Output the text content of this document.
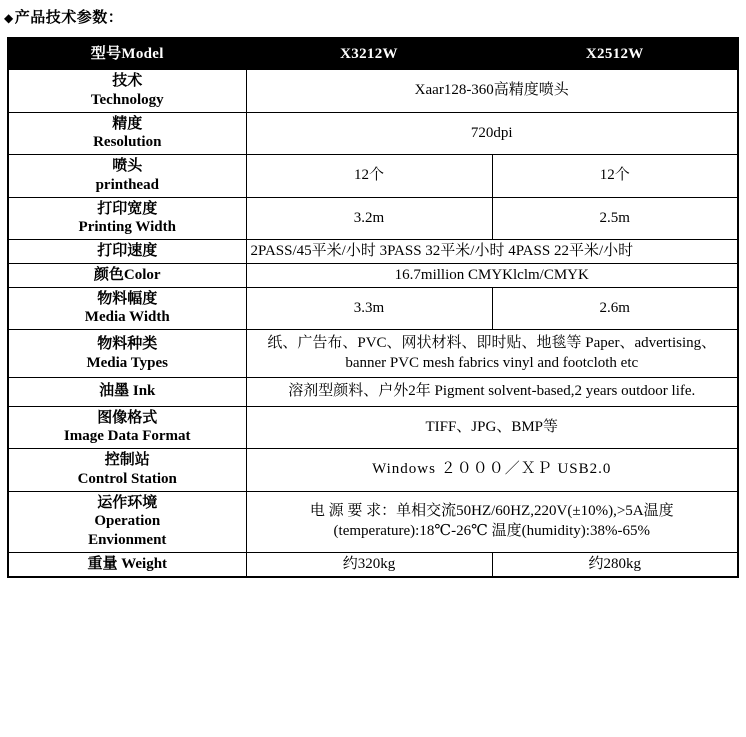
◆产品技术参数：
型号Model	X3212W	X2512W

技术
Technology	Xaar128-360高精度喷头	

精度
Resolution	720dpi	

喷头
printhead	12个	12个

打印宽度
Printing Width	3.2m	2.5m
打印速度	2PASS/45平米/小时 3PASS 32平米/小时 4PASS 22平米/小时	
颜色Color	16.7million CMYKlclm/CMYK	

物料幅度
Media Width	3.3m	2.6m

物料种类
Media Types	纸、广告布、PVC、网状材料、即时贴、地毯等 Paper、advertising、banner PVC mesh fabrics vinyl and footcloth etc	
油墨 Ink	溶剂型颜料、户外2年 Pigment solvent-based,2 years outdoor life.	

图像格式
Image Data Format	TIFF、JPG、BMP等	

控制站
Control Station	Windows ２０００／ＸＰ USB2.0	

运作环境
Operation
Envionment	电 源 要 求：单相交流50HZ/60HZ,220V(±10%),>5A温度 (temperature):18℃-26℃ 温度(humidity):38%-65%	
重量 Weight	约320kg	约280kg
